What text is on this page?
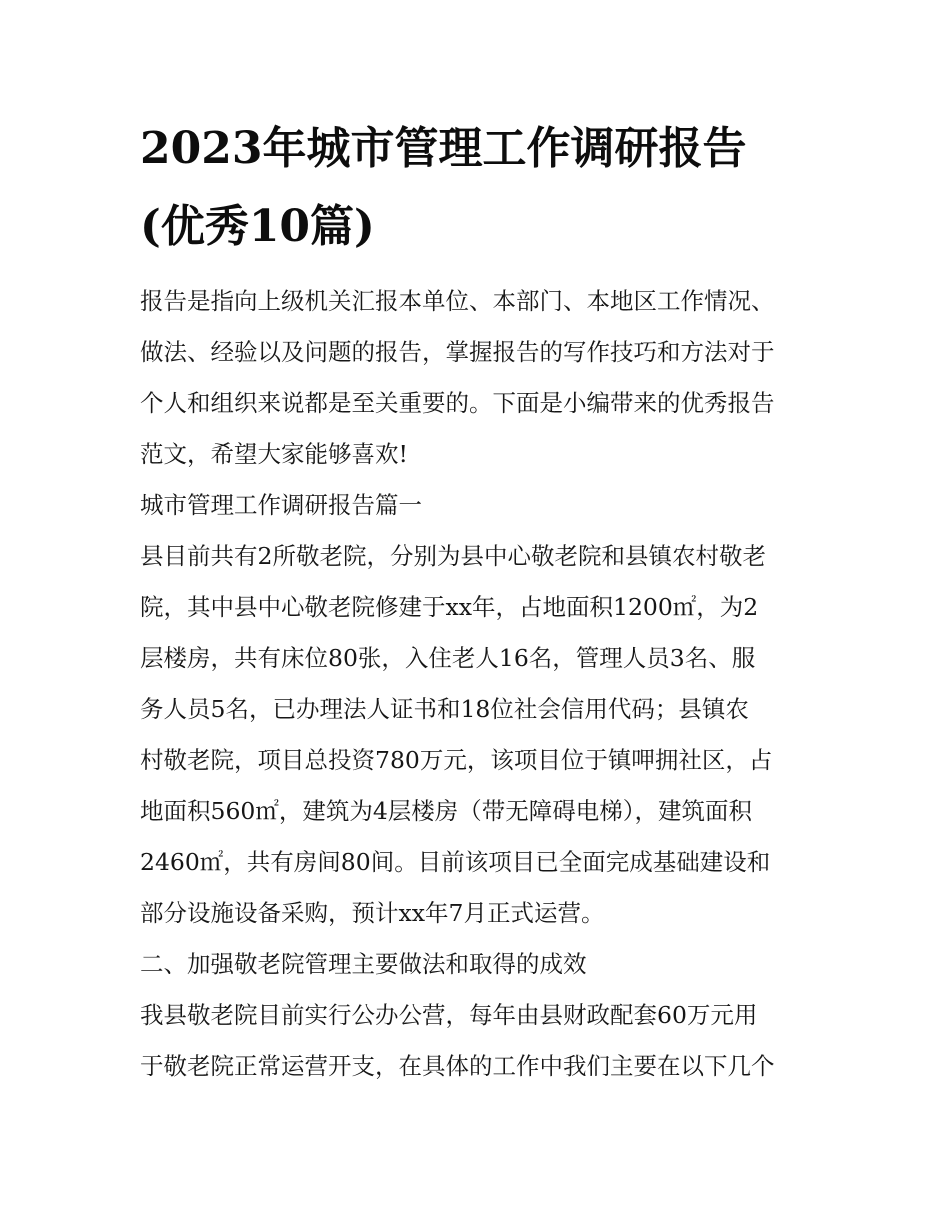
2023年城市管理工作调研报告
(优秀10篇)

报告是指向上级机关汇报本单位、本部门、本地区工作情况、

做法、经验以及问题的报告，掌握报告的写作技巧和方法对于

个人和组织来说都是至关重要的。下面是小编带来的优秀报告

范文，希望大家能够喜欢!

城市管理工作调研报告篇一

县目前共有2所敬老院，分别为县中心敬老院和县镇农村敬老

院，其中县中心敬老院修建于xx年，占地面积1200㎡，为2

层楼房，共有床位80张，入住老人16名，管理人员3名、服

务人员5名，已办理法人证书和18位社会信用代码；县镇农

村敬老院，项目总投资780万元，该项目位于镇呷拥社区，占

地面积560㎡，建筑为4层楼房（带无障碍电梯），建筑面积

2460㎡，共有房间80间。目前该项目已全面完成基础建设和

部分设施设备采购，预计xx年7月正式运营。

二、加强敬老院管理主要做法和取得的成效

我县敬老院目前实行公办公营，每年由县财政配套60万元用

于敬老院正常运营开支，在具体的工作中我们主要在以下几个
